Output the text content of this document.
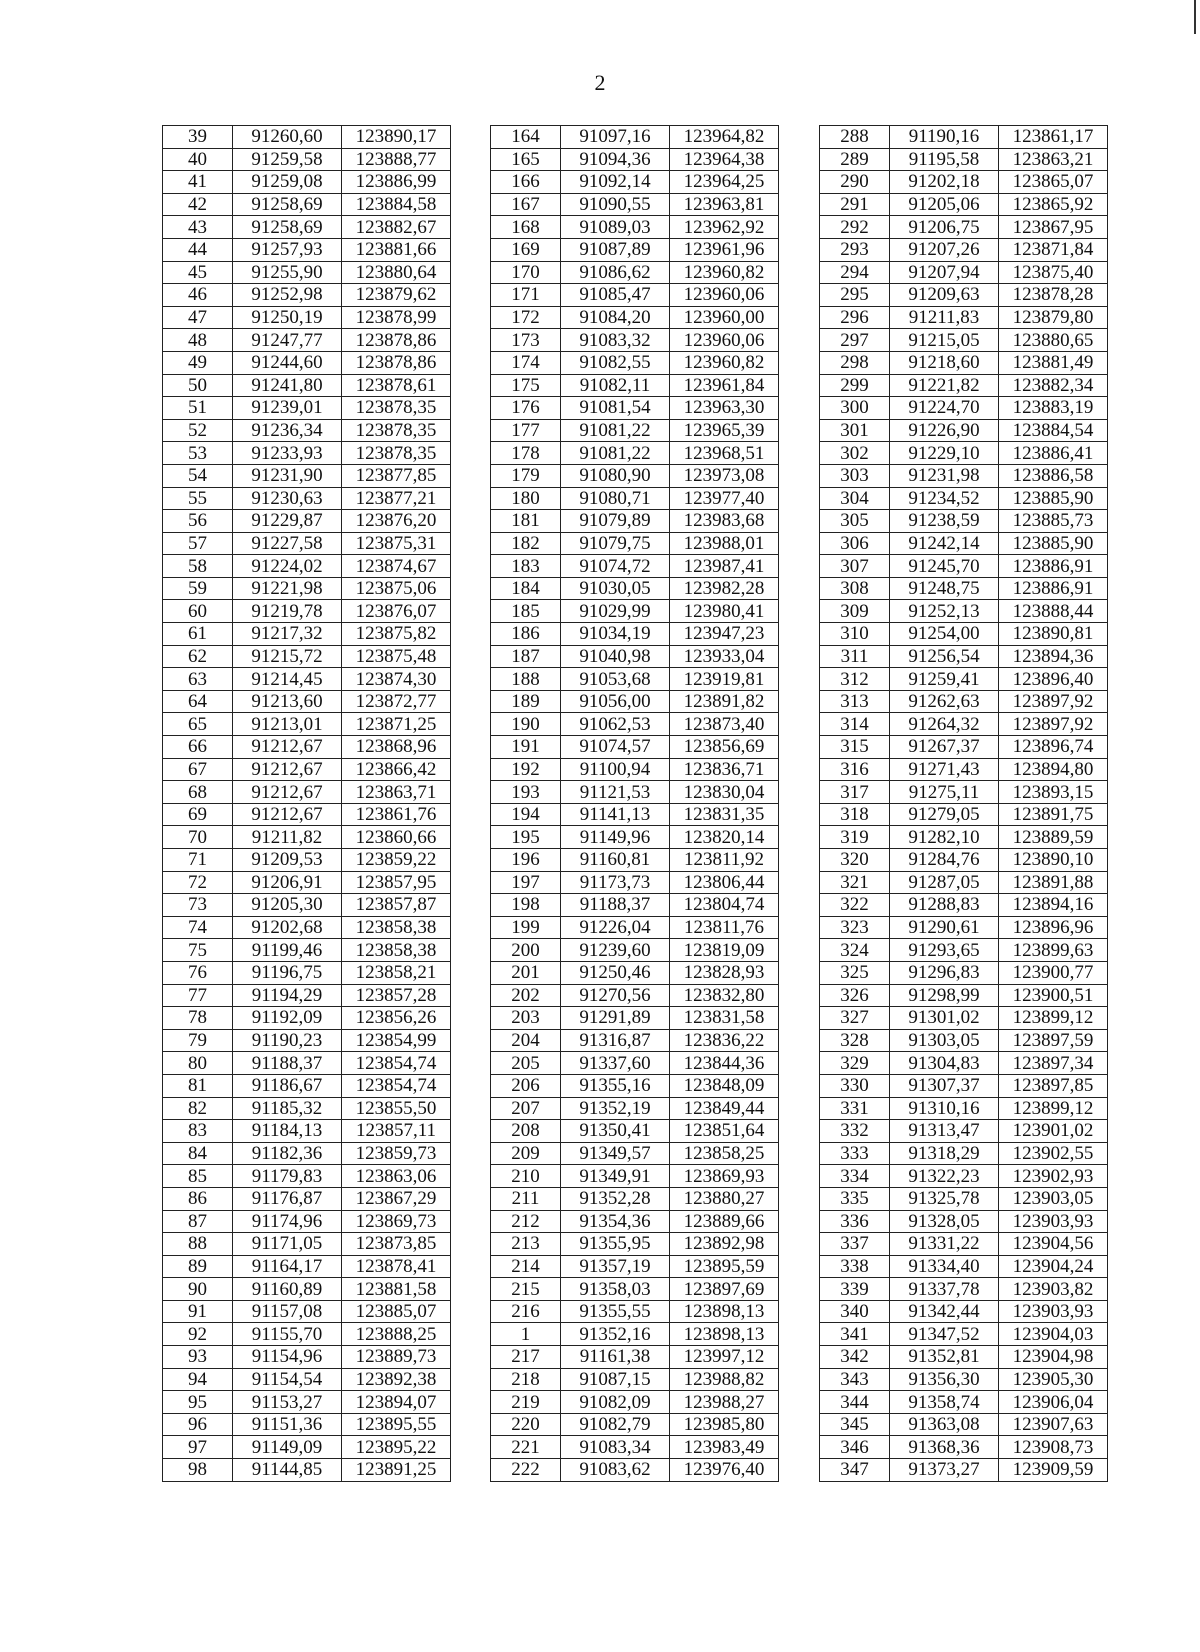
2
39	91260,60	123890,17	
40	91259,58	123888,77	
41	91259,08	123886,99	
42	91258,69	123884,58	
43	91258,69	123882,67	
44	91257,93	123881,66	
45	91255,90	123880,64	
46	91252,98	123879,62	
47	91250,19	123878,99	
48	91247,77	123878,86	
49	91244,60	123878,86	
50	91241,80	123878,61	
51	91239,01	123878,35	
52	91236,34	123878,35	
53	91233,93	123878,35	
54	91231,90	123877,85	
55	91230,63	123877,21	
56	91229,87	123876,20	
57	91227,58	123875,31	
58	91224,02	123874,67	
59	91221,98	123875,06	
60	91219,78	123876,07	
61	91217,32	123875,82	
62	91215,72	123875,48	
63	91214,45	123874,30	
64	91213,60	123872,77	
65	91213,01	123871,25	
66	91212,67	123868,96	
67	91212,67	123866,42	
68	91212,67	123863,71	
69	91212,67	123861,76	
70	91211,82	123860,66	
71	91209,53	123859,22	
72	91206,91	123857,95	
73	91205,30	123857,87	
74	91202,68	123858,38	
75	91199,46	123858,38	
76	91196,75	123858,21	
77	91194,29	123857,28	
78	91192,09	123856,26	
79	91190,23	123854,99	
80	91188,37	123854,74	
81	91186,67	123854,74	
82	91185,32	123855,50	
83	91184,13	123857,11	
84	91182,36	123859,73	
85	91179,83	123863,06	
86	91176,87	123867,29	
87	91174,96	123869,73	
88	91171,05	123873,85	
89	91164,17	123878,41	
90	91160,89	123881,58	
91	91157,08	123885,07	
92	91155,70	123888,25	
93	91154,96	123889,73	
94	91154,54	123892,38	
95	91153,27	123894,07	
96	91151,36	123895,55	
97	91149,09	123895,22	
98	91144,85	123891,25	
164	91097,16	123964,82	
165	91094,36	123964,38	
166	91092,14	123964,25	
167	91090,55	123963,81	
168	91089,03	123962,92	
169	91087,89	123961,96	
170	91086,62	123960,82	
171	91085,47	123960,06	
172	91084,20	123960,00	
173	91083,32	123960,06	
174	91082,55	123960,82	
175	91082,11	123961,84	
176	91081,54	123963,30	
177	91081,22	123965,39	
178	91081,22	123968,51	
179	91080,90	123973,08	
180	91080,71	123977,40	
181	91079,89	123983,68	
182	91079,75	123988,01	
183	91074,72	123987,41	
184	91030,05	123982,28	
185	91029,99	123980,41	
186	91034,19	123947,23	
187	91040,98	123933,04	
188	91053,68	123919,81	
189	91056,00	123891,82	
190	91062,53	123873,40	
191	91074,57	123856,69	
192	91100,94	123836,71	
193	91121,53	123830,04	
194	91141,13	123831,35	
195	91149,96	123820,14	
196	91160,81	123811,92	
197	91173,73	123806,44	
198	91188,37	123804,74	
199	91226,04	123811,76	
200	91239,60	123819,09	
201	91250,46	123828,93	
202	91270,56	123832,80	
203	91291,89	123831,58	
204	91316,87	123836,22	
205	91337,60	123844,36	
206	91355,16	123848,09	
207	91352,19	123849,44	
208	91350,41	123851,64	
209	91349,57	123858,25	
210	91349,91	123869,93	
211	91352,28	123880,27	
212	91354,36	123889,66	
213	91355,95	123892,98	
214	91357,19	123895,59	
215	91358,03	123897,69	
216	91355,55	123898,13	
1	91352,16	123898,13	
217	91161,38	123997,12	
218	91087,15	123988,82	
219	91082,09	123988,27	
220	91082,79	123985,80	
221	91083,34	123983,49	
222	91083,62	123976,40	
288	91190,16	123861,17
289	91195,58	123863,21
290	91202,18	123865,07
291	91205,06	123865,92
292	91206,75	123867,95
293	91207,26	123871,84
294	91207,94	123875,40
295	91209,63	123878,28
296	91211,83	123879,80
297	91215,05	123880,65
298	91218,60	123881,49
299	91221,82	123882,34
300	91224,70	123883,19
301	91226,90	123884,54
302	91229,10	123886,41
303	91231,98	123886,58
304	91234,52	123885,90
305	91238,59	123885,73
306	91242,14	123885,90
307	91245,70	123886,91
308	91248,75	123886,91
309	91252,13	123888,44
310	91254,00	123890,81
311	91256,54	123894,36
312	91259,41	123896,40
313	91262,63	123897,92
314	91264,32	123897,92
315	91267,37	123896,74
316	91271,43	123894,80
317	91275,11	123893,15
318	91279,05	123891,75
319	91282,10	123889,59
320	91284,76	123890,10
321	91287,05	123891,88
322	91288,83	123894,16
323	91290,61	123896,96
324	91293,65	123899,63
325	91296,83	123900,77
326	91298,99	123900,51
327	91301,02	123899,12
328	91303,05	123897,59
329	91304,83	123897,34
330	91307,37	123897,85
331	91310,16	123899,12
332	91313,47	123901,02
333	91318,29	123902,55
334	91322,23	123902,93
335	91325,78	123903,05
336	91328,05	123903,93
337	91331,22	123904,56
338	91334,40	123904,24
339	91337,78	123903,82
340	91342,44	123903,93
341	91347,52	123904,03
342	91352,81	123904,98
343	91356,30	123905,30
344	91358,74	123906,04
345	91363,08	123907,63
346	91368,36	123908,73
347	91373,27	123909,59
